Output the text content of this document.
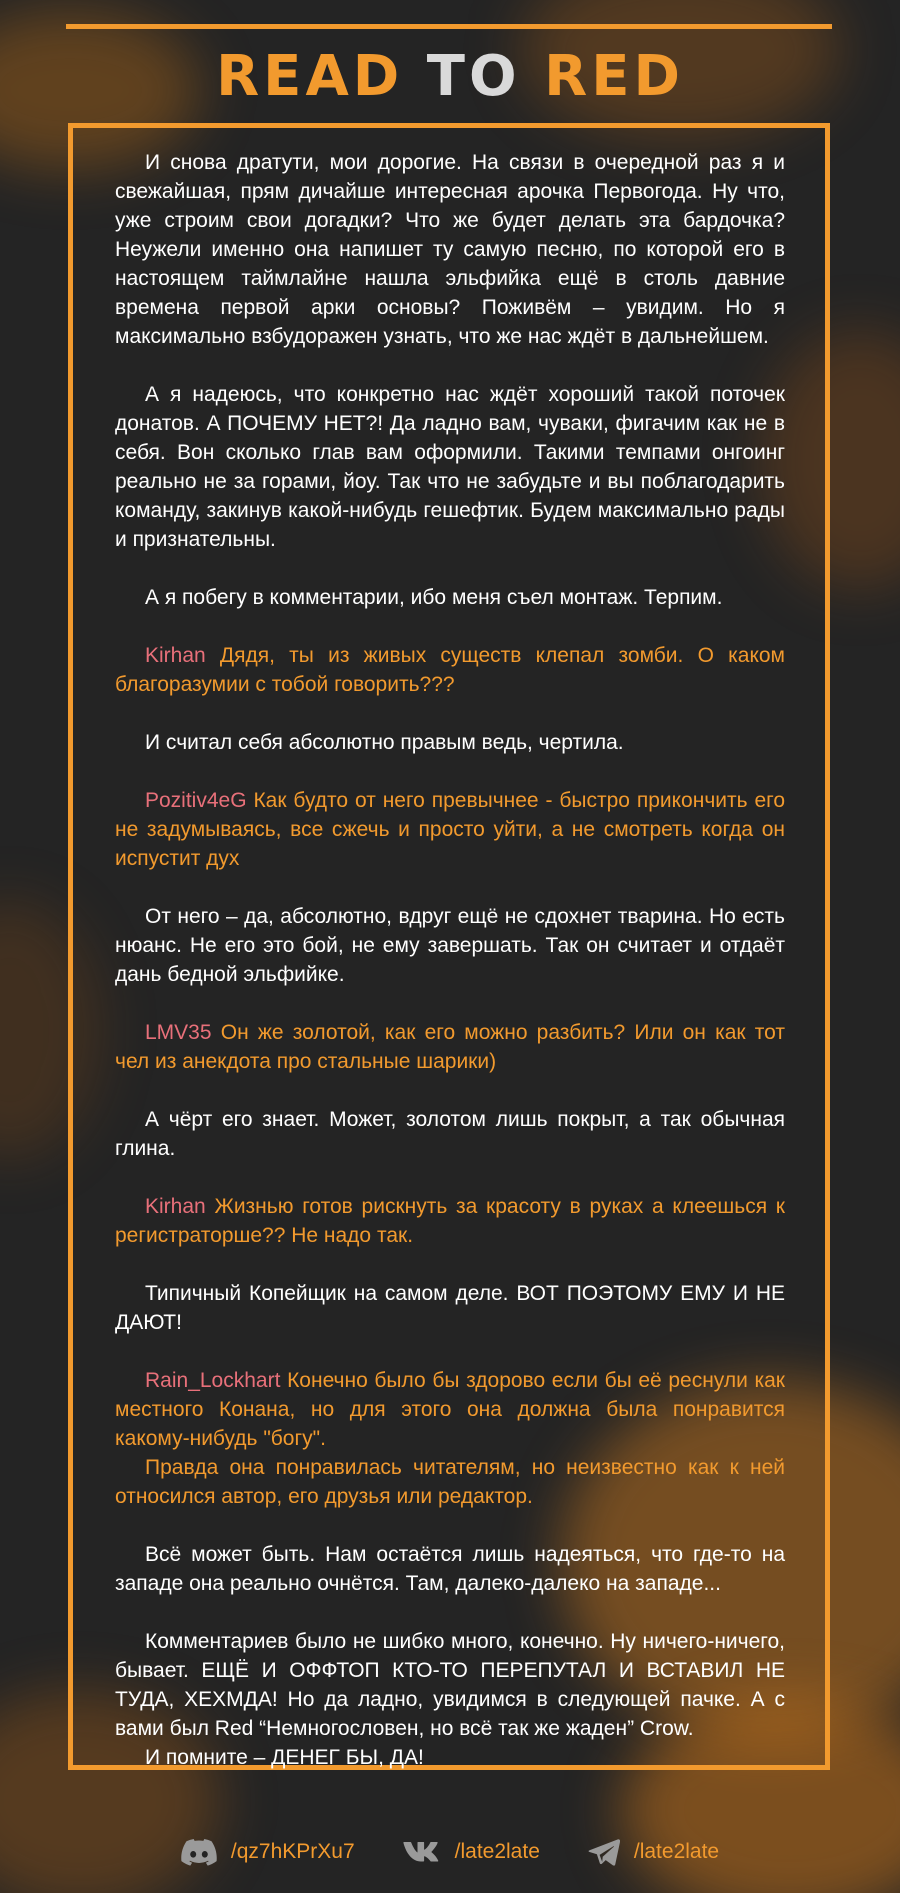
READ TO RED

И снова дратути, мои дорогие. На связи в очередной раз я и свежайшая, прям дичайше интересная арочка Первогода. Ну что, уже строим свои догадки? Что же будет делать эта бардочка? Неужели именно она напишет ту самую песню, по которой его в настоящем таймлайне нашла эльфийка ещё в столь давние времена первой арки основы? Поживём – увидим. Но я максимально взбудоражен узнать, что же нас ждёт в дальнейшем.

А я надеюсь, что конкретно нас ждёт хороший такой поточек донатов. А ПОЧЕМУ НЕТ?! Да ладно вам, чуваки, фигачим как не в себя. Вон сколько глав вам оформили. Такими темпами онгоинг реально не за горами, йоу. Так что не забудьте и вы поблагодарить команду, закинув какой-нибудь гешефтик. Будем максимально рады и признательны.

А я побегу в комментарии, ибо меня съел монтаж. Терпим.

Kirhan Дядя, ты из живых существ клепал зомби. О каком благоразумии с тобой говорить???

И считал себя абсолютно правым ведь, чертила.

Pozitiv4eG Как будто от него превычнее - быстро прикончить его не задумываясь, все сжечь и просто уйти, а не смотреть когда он испустит дух

От него – да, абсолютно, вдруг ещё не сдохнет тварина. Но есть нюанс. Не его это бой, не ему завершать. Так он считает и отдаёт дань бедной эльфийке.

LMV35 Он же золотой, как его можно разбить? Или он как тот чел из анекдота про стальные шарики)

А чёрт его знает. Может, золотом лишь покрыт, а так обычная глина.

Kirhan Жизнью готов рискнуть за красоту в руках а клеешься к регистраторше?? Не надо так.

Типичный Копейщик на самом деле. ВОТ ПОЭТОМУ ЕМУ И НЕ ДАЮТ!

Rain_Lockhart Конечно было бы здорово если бы её реснули как местного Конана, но для этого она должна была понравится какому-нибудь "богу".

Правда она понравилась читателям, но неизвестно как к ней относился автор, его друзья или редактор.

Всё может быть. Нам остаётся лишь надеяться, что где-то на западе она реально очнётся. Там, далеко-далеко на западе...

Комментариев было не шибко много, конечно. Ну ничего-ничего, бывает. ЕЩЁ И ОФФТОП КТО-ТО ПЕРЕПУТАЛ И ВСТАВИЛ НЕ ТУДА, ХЕХМДА! Но да ладно, увидимся в следующей пачке. А с вами был Red “Немногословен, но всё так же жаден” Crow.

И помните – ДЕНЕГ БЫ, ДА!

/qz7hKPrXu7	/late2late	/late2late
